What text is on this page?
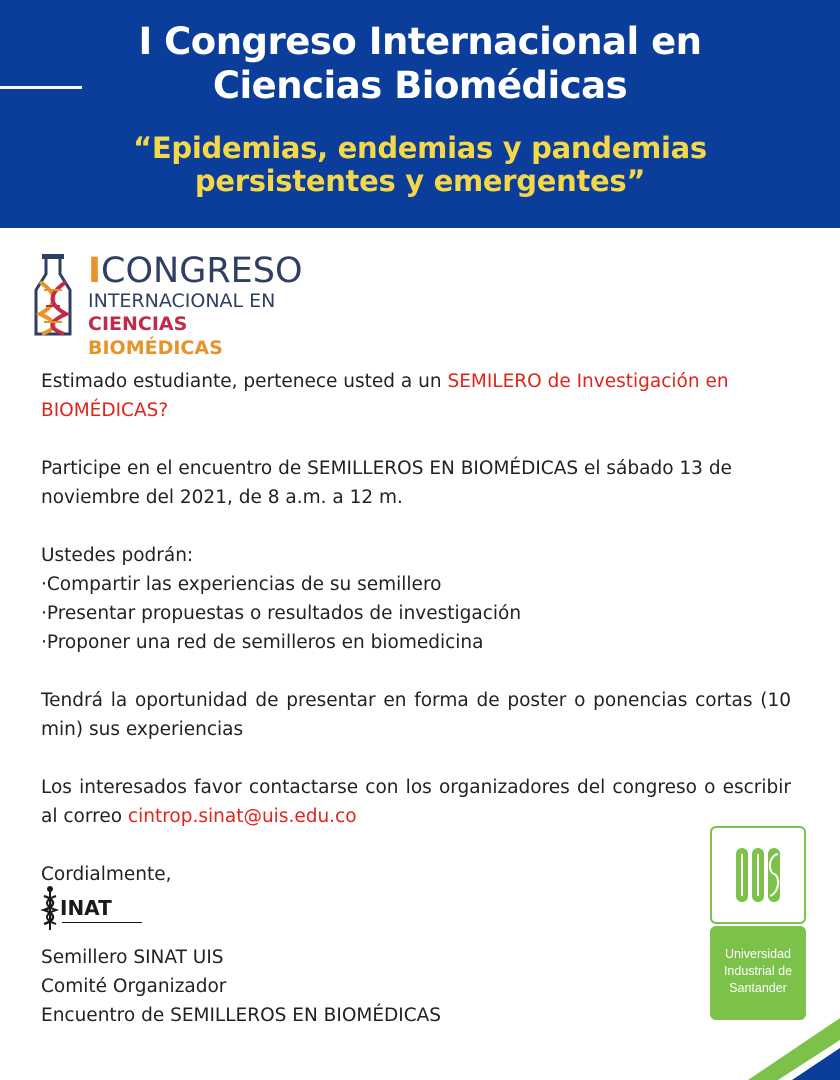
I Congreso Internacional en
Ciencias Biomédicas
“Epidemias, endemias y pandemias
persistentes y emergentes”
ICONGRESO
INTERNACIONAL EN
CIENCIAS BIOMÉDICAS

Estimado estudiante, pertenece usted a un SEMILERO de Investigación en BIOMÉDICAS?

Participe en el encuentro de SEMILLEROS EN BIOMÉDICAS el sábado 13 de noviembre del 2021, de 8 a.m. a 12 m.

Ustedes podrán:

·Compartir las experiencias de su semillero

·Presentar propuestas o resultados de investigación

·Proponer una red de semilleros en biomedicina

Tendrá la oportunidad de presentar en forma de poster o ponencias cortas (10 min) sus experiencias

Los interesados favor contactarse con los organizadores del congreso o escribir al correo cintrop.sinat@uis.edu.co

Cordialmente,

INAT
Semillero SINAT UIS
Comité Organizador
Encuentro de SEMILLEROS EN BIOMÉDICAS
Universidad
Industrial de
Santander
